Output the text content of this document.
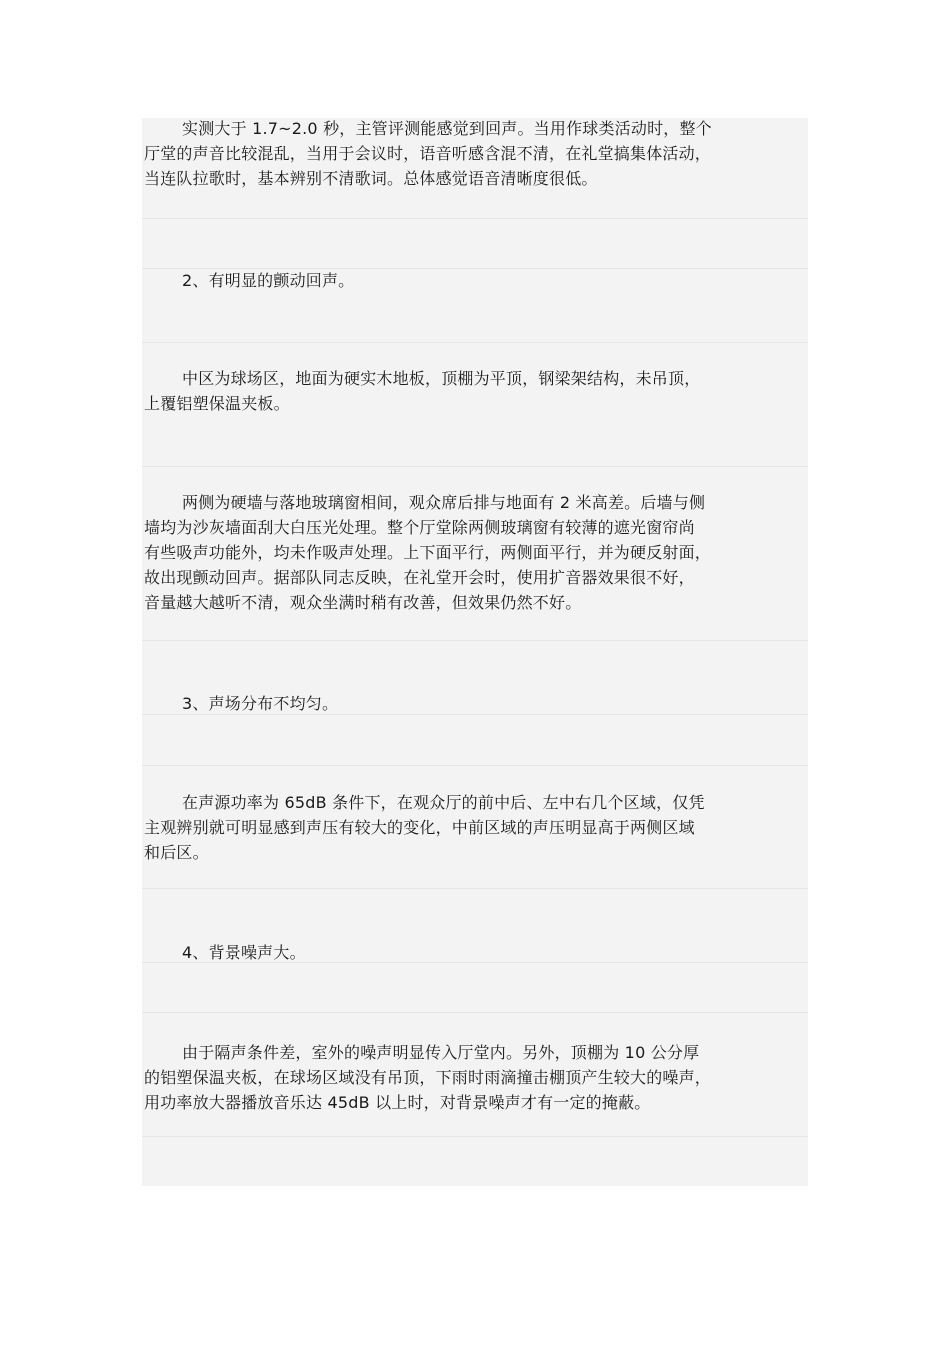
实测大于 1.7~2.0 秒，主管评测能感觉到回声。当用作球类活动时，整个
厅堂的声音比较混乱，当用于会议时，语音听感含混不清，在礼堂搞集体活动，
当连队拉歌时，基本辨别不清歌词。总体感觉语音清晰度很低。
2、有明显的颤动回声。
中区为球场区，地面为硬实木地板，顶棚为平顶，钢梁架结构，未吊顶，
上覆铝塑保温夹板。
两侧为硬墙与落地玻璃窗相间，观众席后排与地面有 2 米高差。后墙与侧
墙均为沙灰墙面刮大白压光处理。整个厅堂除两侧玻璃窗有较薄的遮光窗帘尚
有些吸声功能外，均未作吸声处理。上下面平行，两侧面平行，并为硬反射面，
故出现颤动回声。据部队同志反映，在礼堂开会时，使用扩音器效果很不好，
音量越大越听不清，观众坐满时稍有改善，但效果仍然不好。
3、声场分布不均匀。
在声源功率为 65dB 条件下，在观众厅的前中后、左中右几个区域，仅凭
主观辨别就可明显感到声压有较大的变化，中前区域的声压明显高于两侧区域
和后区。
4、背景噪声大。
由于隔声条件差，室外的噪声明显传入厅堂内。另外，顶棚为 10 公分厚
的铝塑保温夹板，在球场区域没有吊顶，下雨时雨滴撞击棚顶产生较大的噪声，
用功率放大器播放音乐达 45dB 以上时，对背景噪声才有一定的掩蔽。
